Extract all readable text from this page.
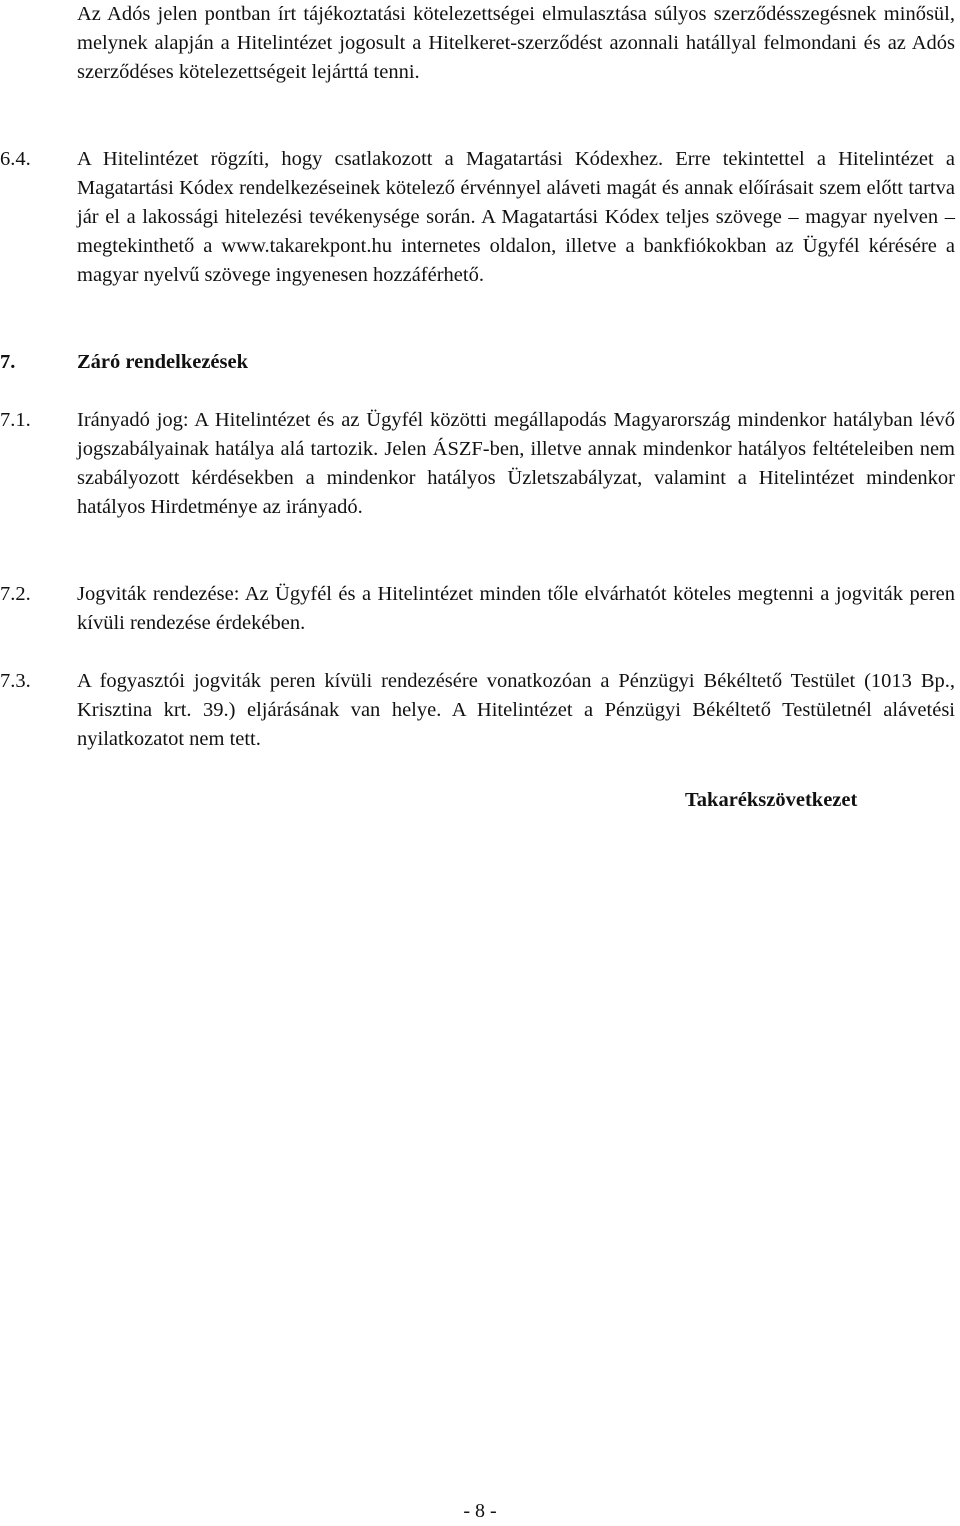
Az Adós jelen pontban írt tájékoztatási kötelezettségei elmulasztása súlyos szerződésszegésnek minősül, melynek alapján a Hitelintézet jogosult a Hitelkeret-szerződést azonnali hatállyal felmondani és az Adós szerződéses kötelezettségeit lejárttá tenni.
6.4.	A Hitelintézet rögzíti, hogy csatlakozott a Magatartási Kódexhez. Erre tekintettel a Hitelintézet a Magatartási Kódex rendelkezéseinek kötelező érvénnyel aláveti magát és annak előírásait szem előtt tartva jár el a lakossági hitelezési tevékenysége során. A Magatartási Kódex teljes szövege – magyar nyelven – megtekinthető a www.takarekpont.hu internetes oldalon, illetve a bankfiókokban az Ügyfél kérésére a magyar nyelvű szövege ingyenesen hozzáférhető.
7.	Záró rendelkezések
7.1.	Irányadó jog: A Hitelintézet és az Ügyfél közötti megállapodás Magyarország mindenkor hatályban lévő jogszabályainak hatálya alá tartozik. Jelen ÁSZF-ben, illetve annak mindenkor hatályos feltételeiben nem szabályozott kérdésekben a mindenkor hatályos Üzletszabályzat, valamint a Hitelintézet mindenkor hatályos Hirdetménye az irányadó.
7.2.	Jogviták rendezése: Az Ügyfél és a Hitelintézet minden tőle elvárhatót köteles megtenni a jogviták peren kívüli rendezése érdekében.
7.3.	A fogyasztói jogviták peren kívüli rendezésére vonatkozóan a Pénzügyi Békéltető Testület (1013 Bp., Krisztina krt. 39.) eljárásának van helye. A Hitelintézet a Pénzügyi Békéltető Testületnél alávetési nyilatkozatot nem tett.
Takarékszövetkezet
- 8 -
